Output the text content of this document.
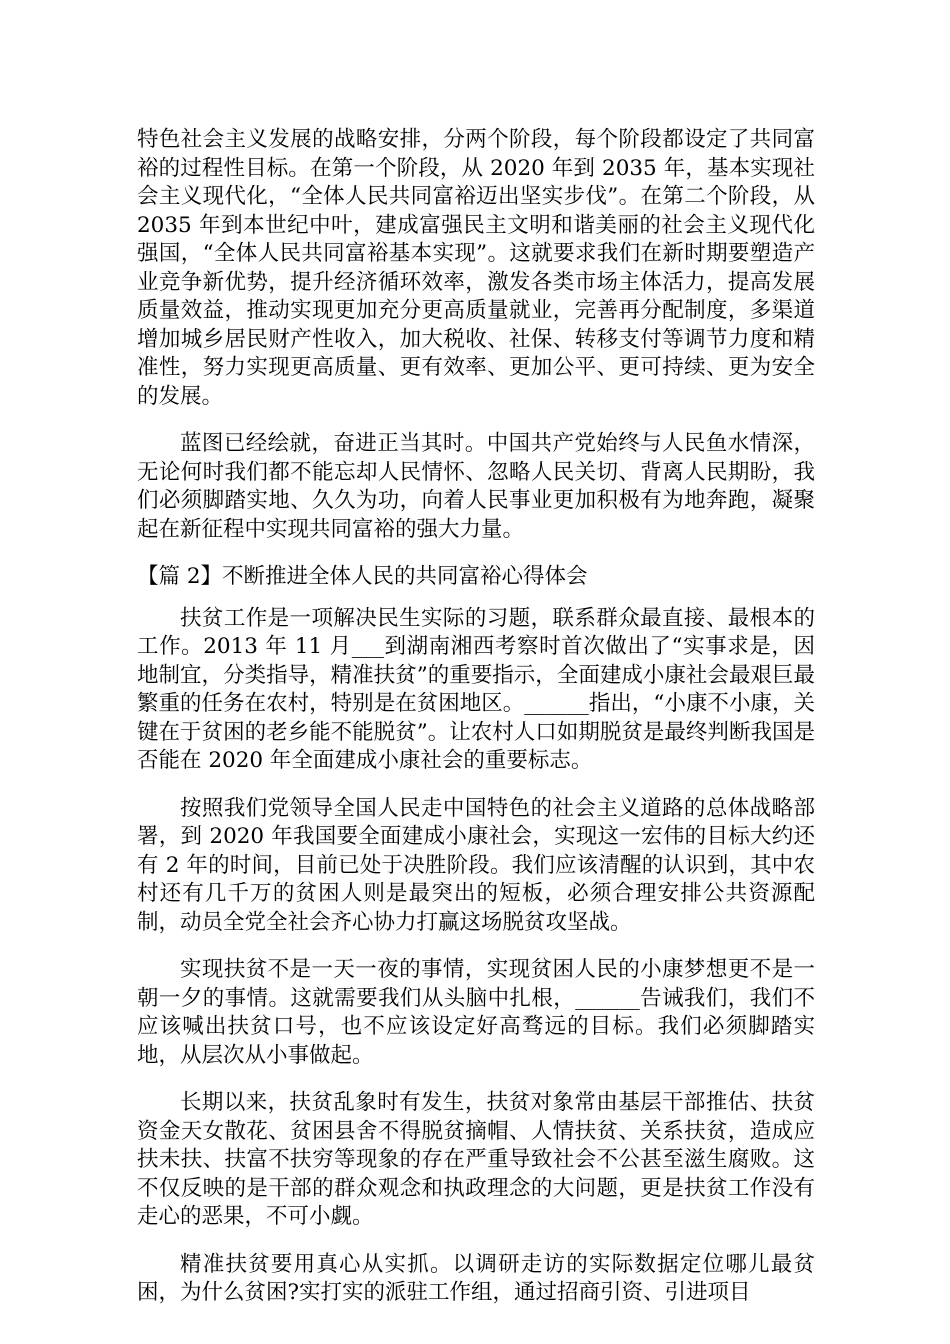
特色社会主义发展的战略安排，分两个阶段，每个阶段都设定了共同富裕的过程性目标。在第一个阶段，从 2020 年到 2035 年，基本实现社会主义现代化，“全体人民共同富裕迈出坚实步伐”。在第二个阶段，从 2035 年到本世纪中叶，建成富强民主文明和谐美丽的社会主义现代化强国，“全体人民共同富裕基本实现”。这就要求我们在新时期要塑造产业竞争新优势，提升经济循环效率，激发各类市场主体活力，提高发展质量效益，推动实现更加充分更高质量就业，完善再分配制度，多渠道增加城乡居民财产性收入，加大税收、社保、转移支付等调节力度和精准性，努力实现更高质量、更有效率、更加公平、更可持续、更为安全的发展。

蓝图已经绘就，奋进正当其时。中国共产党始终与人民鱼水情深，无论何时我们都不能忘却人民情怀、忽略人民关切、背离人民期盼，我们必须脚踏实地、久久为功，向着人民事业更加积极有为地奔跑，凝聚起在新征程中实现共同富裕的强大力量。

【篇 2】不断推进全体人民的共同富裕心得体会

扶贫工作是一项解决民生实际的习题，联系群众最直接、最根本的工作。2013 年 11 月___到湖南湘西考察时首次做出了“实事求是，因地制宜，分类指导，精准扶贫”的重要指示，全面建成小康社会最艰巨最繁重的任务在农村，特别是在贫困地区。______指出，“小康不小康，关键在于贫困的老乡能不能脱贫”。让农村人口如期脱贫是最终判断我国是否能在 2020 年全面建成小康社会的重要标志。

按照我们党领导全国人民走中国特色的社会主义道路的总体战略部署，到 2020 年我国要全面建成小康社会，实现这一宏伟的目标大约还有 2 年的时间，目前已处于决胜阶段。我们应该清醒的认识到，其中农村还有几千万的贫困人则是最突出的短板，必须合理安排公共资源配制，动员全党全社会齐心协力打赢这场脱贫攻坚战。

实现扶贫不是一天一夜的事情，实现贫困人民的小康梦想更不是一朝一夕的事情。这就需要我们从头脑中扎根，______告诫我们，我们不应该喊出扶贫口号，也不应该设定好高骛远的目标。我们必须脚踏实地，从层次从小事做起。

长期以来，扶贫乱象时有发生，扶贫对象常由基层干部推估、扶贫资金天女散花、贫困县舍不得脱贫摘帽、人情扶贫、关系扶贫，造成应扶未扶、扶富不扶穷等现象的存在严重导致社会不公甚至滋生腐败。这不仅反映的是干部的群众观念和执政理念的大问题，更是扶贫工作没有走心的恶果，不可小觑。

精准扶贫要用真心从实抓。以调研走访的实际数据定位哪儿最贫困，为什么贫困?实打实的派驻工作组，通过招商引资、引进项目
